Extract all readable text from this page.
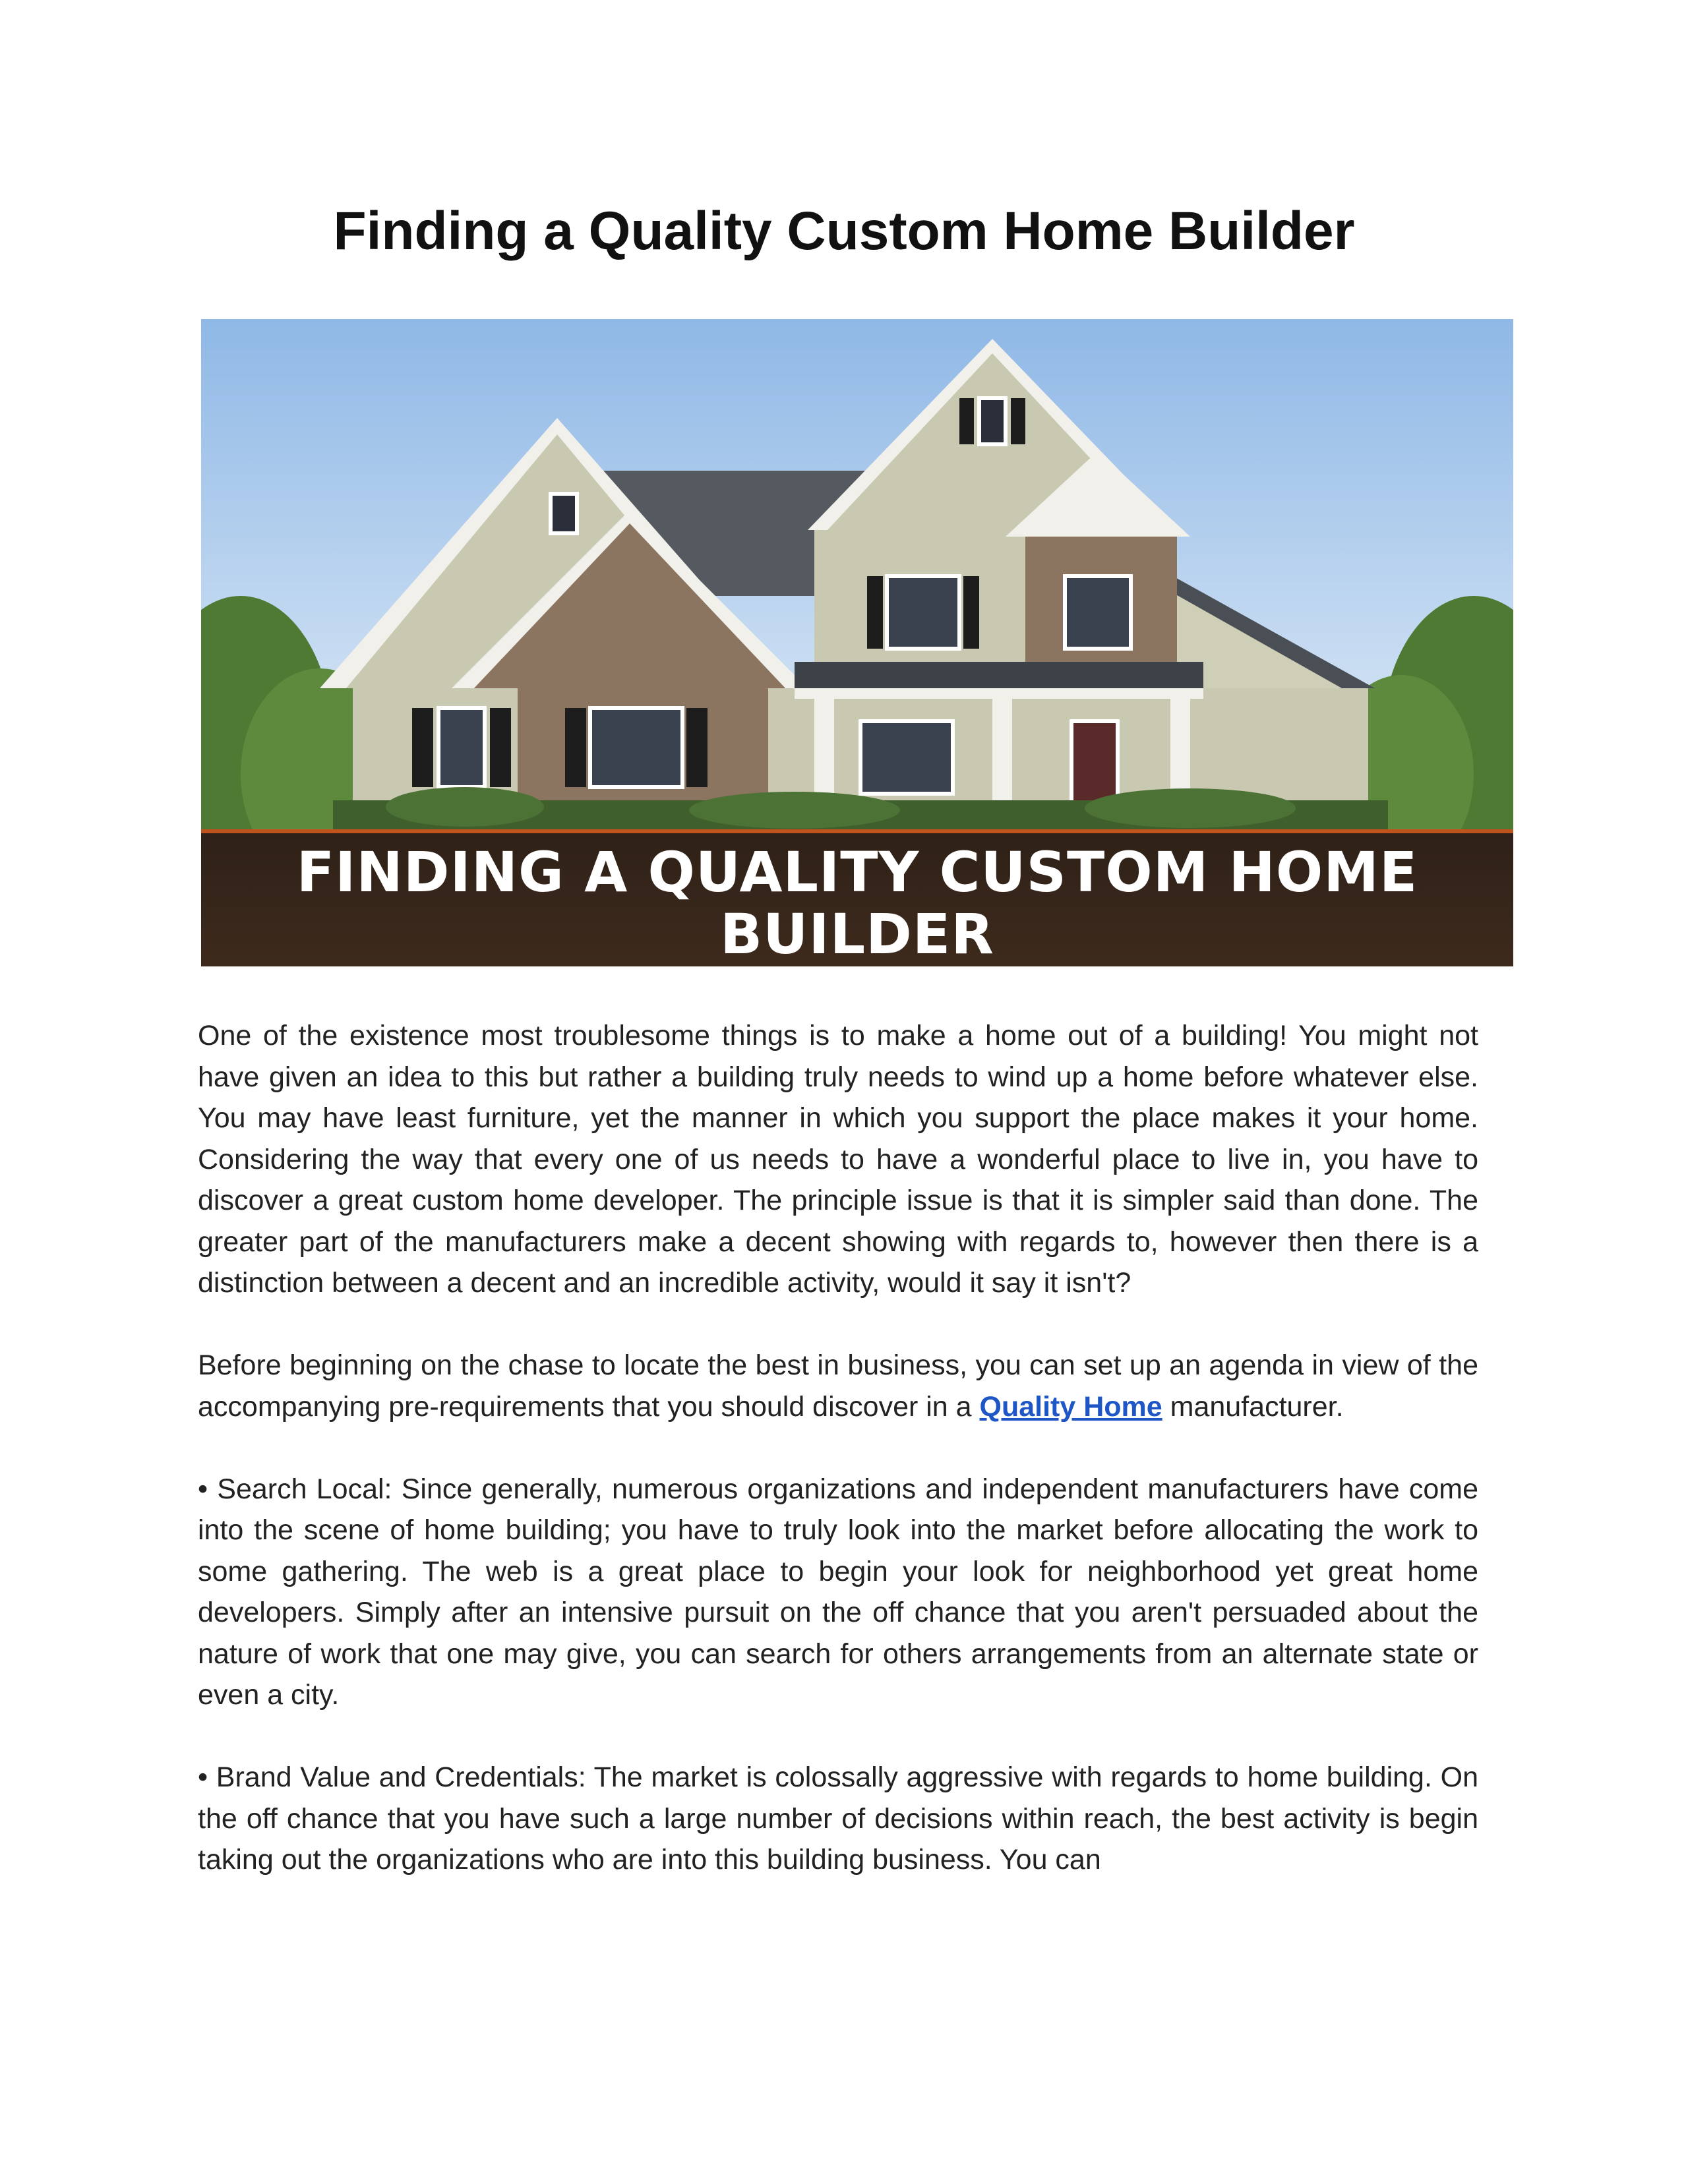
Finding a Quality Custom Home Builder
FINDING A QUALITY CUSTOM HOME
BUILDER

One of the existence most troublesome things is to make a home out of a building! You might not have given an idea to this but rather a building truly needs to wind up a home before whatever else. You may have least furniture, yet the manner in which you support the place makes it your home. Considering the way that every one of us needs to have a wonderful place to live in, you have to discover a great custom home developer. The principle issue is that it is simpler said than done. The greater part of the manufacturers make a decent showing with regards to, however then there is a distinction between a decent and an incredible activity, would it say it isn't?

Before beginning on the chase to locate the best in business, you can set up an agenda in view of the accompanying pre-requirements that you should discover in a Quality Home manufacturer.

• Search Local: Since generally, numerous organizations and independent manufacturers have come into the scene of home building; you have to truly look into the market before allocating the work to some gathering. The web is a great place to begin your look for neighborhood yet great home developers. Simply after an intensive pursuit on the off chance that you aren't persuaded about the nature of work that one may give, you can search for others arrangements from an alternate state or even a city.

• Brand Value and Credentials: The market is colossally aggressive with regards to home building. On the off chance that you have such a large number of decisions within reach, the best activity is begin taking out the organizations who are into this building business. You can
